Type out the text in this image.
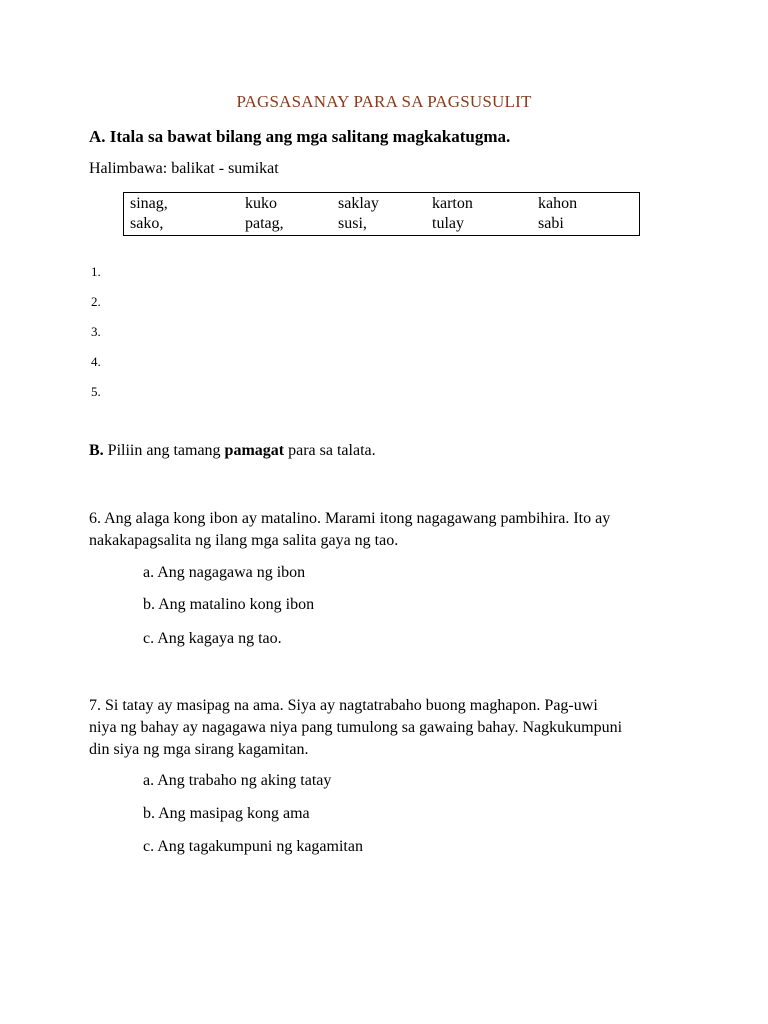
PAGSASANAY PARA SA PAGSUSULIT
A. Itala sa bawat bilang ang mga salitang magkakatugma.
Halimbawa: balikat - sumikat
sinag,	kuko	saklay	karton	kahon
sako,	patag,	susi,	tulay	sabi
1.
2.
3.
4.
5.
B. Piliin ang tamang pamagat para sa talata.
6. Ang alaga kong ibon ay matalino. Marami itong nagagawang pambihira. Ito ay
nakakapagsalita ng ilang mga salita gaya ng tao.
a. Ang nagagawa ng ibon
b. Ang matalino kong ibon
c. Ang kagaya ng tao.
7. Si tatay ay masipag na ama. Siya ay nagtatrabaho buong maghapon. Pag-uwi
niya ng bahay ay nagagawa niya pang tumulong sa gawaing bahay. Nagkukumpuni
din siya ng mga sirang kagamitan.
a. Ang trabaho ng aking tatay
b. Ang masipag kong ama
c. Ang tagakumpuni ng kagamitan
